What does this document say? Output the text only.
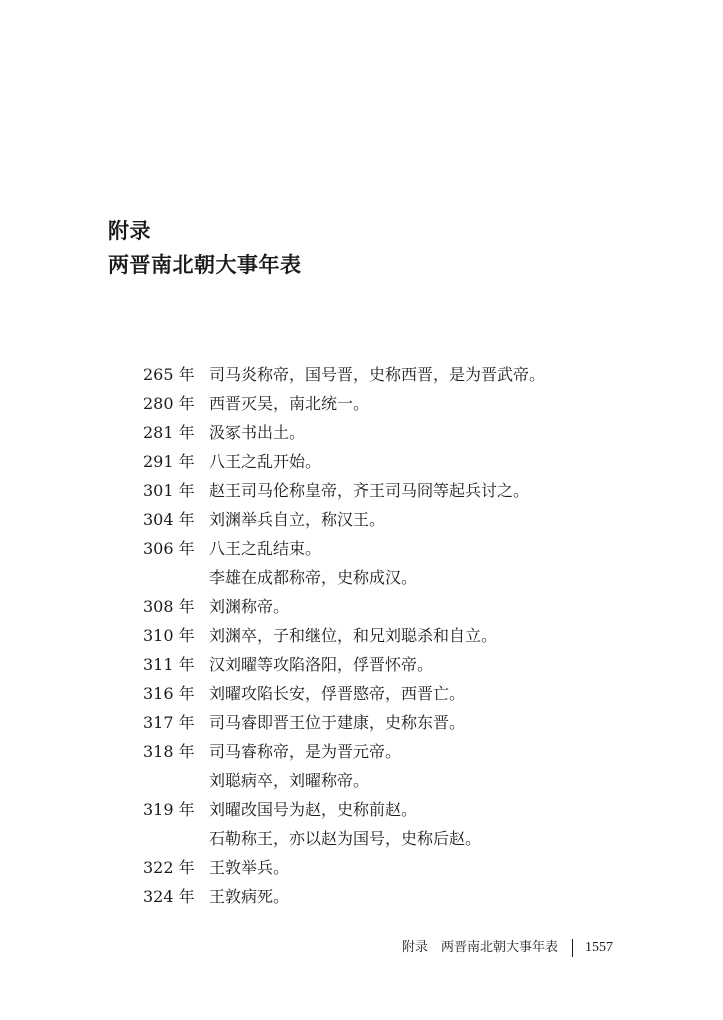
附录
两晋南北朝大事年表
265 年 司马炎称帝，国号晋，史称西晋，是为晋武帝。
280 年 西晋灭吴，南北统一。
281 年 汲冢书出土。
291 年 八王之乱开始。
301 年 赵王司马伦称皇帝，齐王司马冏等起兵讨之。
304 年 刘渊举兵自立，称汉王。
306 年 八王之乱结束。
李雄在成都称帝，史称成汉。
308 年 刘渊称帝。
310 年 刘渊卒，子和继位，和兄刘聪杀和自立。
311 年 汉刘曜等攻陷洛阳，俘晋怀帝。
316 年 刘曜攻陷长安，俘晋愍帝，西晋亡。
317 年 司马睿即晋王位于建康，史称东晋。
318 年 司马睿称帝，是为晋元帝。
刘聪病卒，刘曜称帝。
319 年 刘曜改国号为赵，史称前赵。
石勒称王，亦以赵为国号，史称后赵。
322 年 王敦举兵。
324 年 王敦病死。
附录　两晋南北朝大事年表 1557
